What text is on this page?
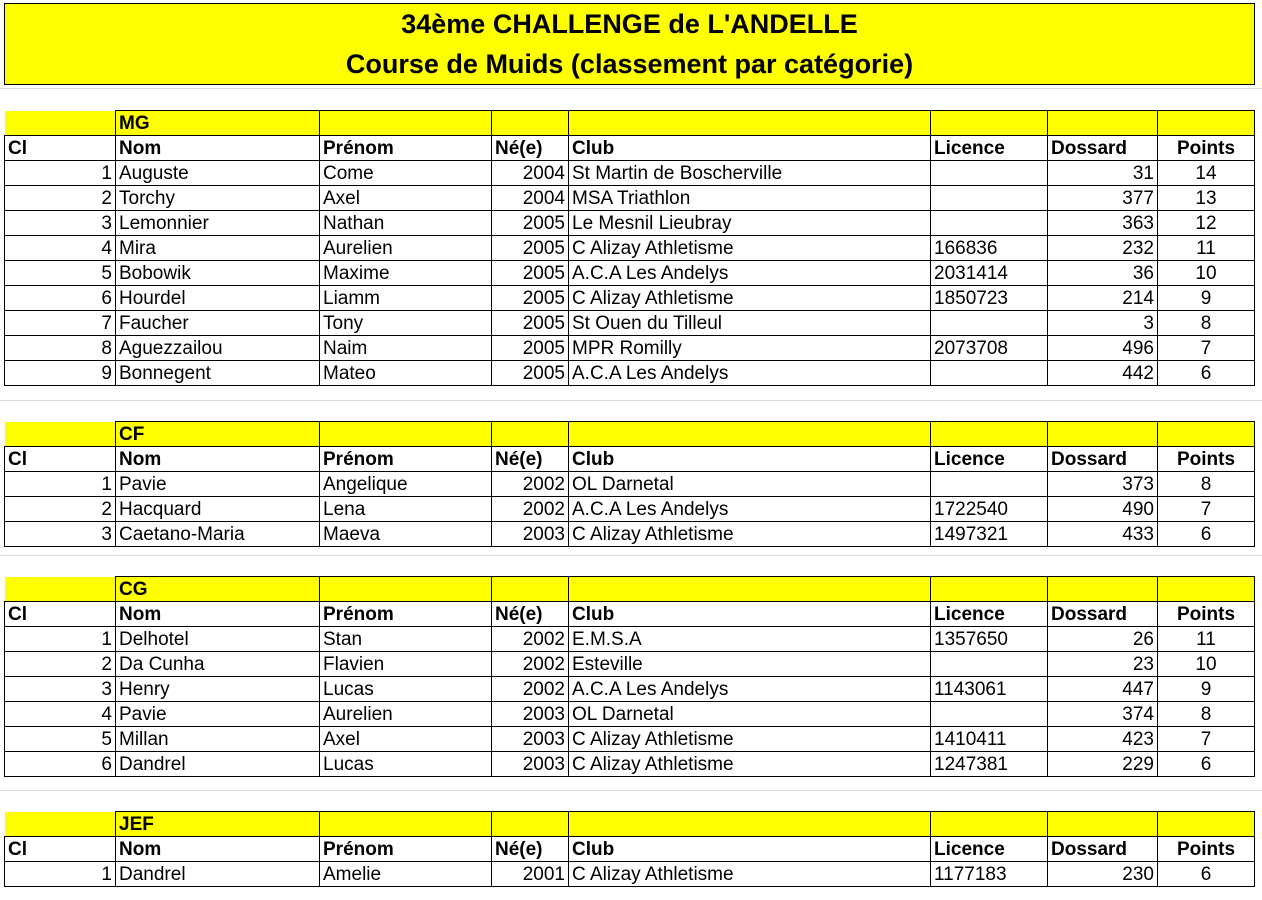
34ème CHALLENGE de L'ANDELLE
Course de Muids (classement par catégorie)
	MG						
Cl	Nom	Prénom	Né(e)	Club	Licence	Dossard	Points
1	Auguste	Come	2004	St Martin de Boscherville		31	14
2	Torchy	Axel	2004	MSA Triathlon		377	13
3	Lemonnier	Nathan	2005	Le Mesnil Lieubray		363	12
4	Mira	Aurelien	2005	C Alizay Athletisme	166836	232	11
5	Bobowik	Maxime	2005	A.C.A Les Andelys	2031414	36	10
6	Hourdel	Liamm	2005	C Alizay Athletisme	1850723	214	9
7	Faucher	Tony	2005	St Ouen du Tilleul		3	8
8	Aguezzailou	Naim	2005	MPR Romilly	2073708	496	7
9	Bonnegent	Mateo	2005	A.C.A Les Andelys		442	6
	CF						
Cl	Nom	Prénom	Né(e)	Club	Licence	Dossard	Points
1	Pavie	Angelique	2002	OL Darnetal		373	8
2	Hacquard	Lena	2002	A.C.A Les Andelys	1722540	490	7
3	Caetano-Maria	Maeva	2003	C Alizay Athletisme	1497321	433	6
	CG						
Cl	Nom	Prénom	Né(e)	Club	Licence	Dossard	Points
1	Delhotel	Stan	2002	E.M.S.A	1357650	26	11
2	Da Cunha	Flavien	2002	Esteville		23	10
3	Henry	Lucas	2002	A.C.A Les Andelys	1143061	447	9
4	Pavie	Aurelien	2003	OL Darnetal		374	8
5	Millan	Axel	2003	C Alizay Athletisme	1410411	423	7
6	Dandrel	Lucas	2003	C Alizay Athletisme	1247381	229	6
	JEF						
Cl	Nom	Prénom	Né(e)	Club	Licence	Dossard	Points
1	Dandrel	Amelie	2001	C Alizay Athletisme	1177183	230	6
